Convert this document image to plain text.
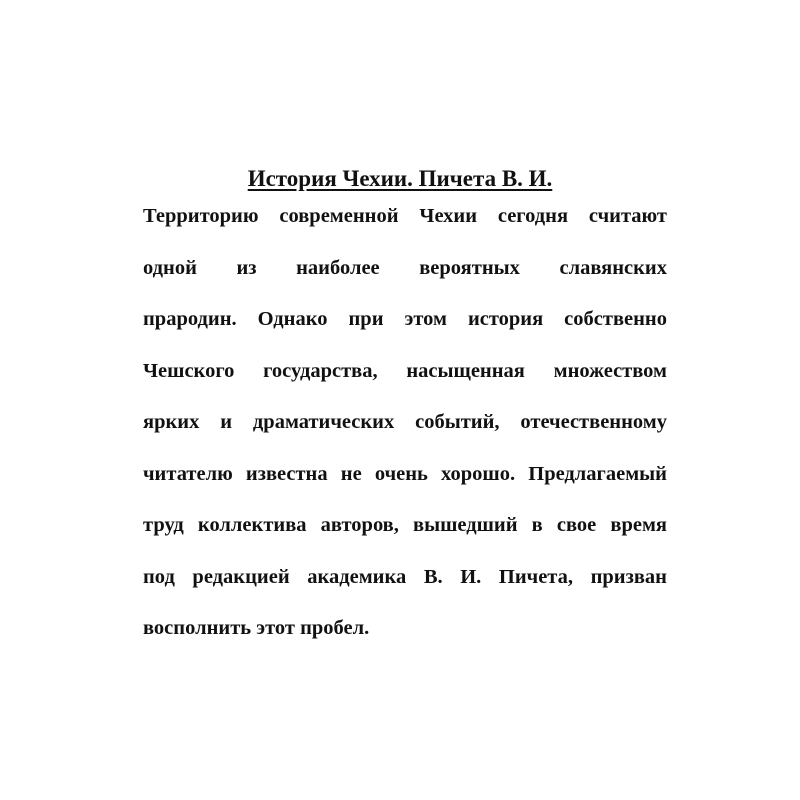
История Чехии. Пичета В. И.
Территорию современной Чехии сегодня считают
одной из наиболее вероятных славянских
прародин. Однако при этом история собственно
Чешского государства, насыщенная множеством
ярких и драматических событий, отечественному
читателю известна не очень хорошо. Предлагаемый
труд коллектива авторов, вышедший в свое время
под редакцией академика В. И. Пичета, призван
восполнить этот пробел.
